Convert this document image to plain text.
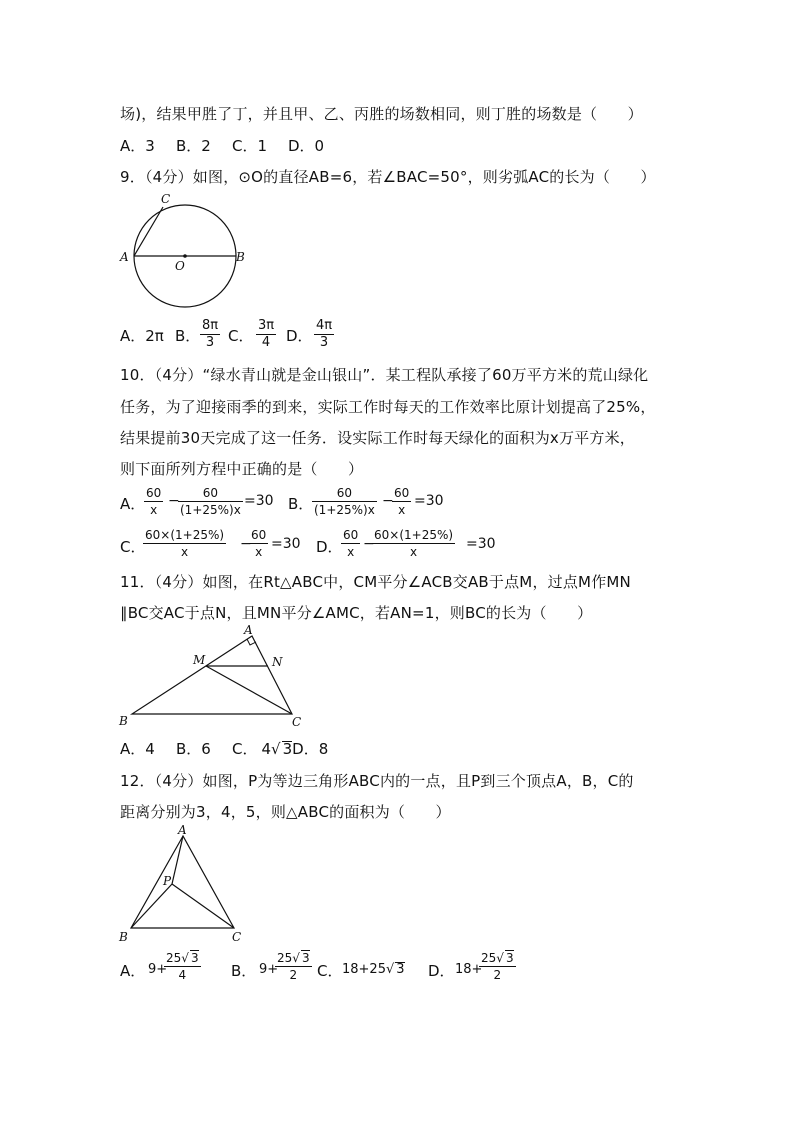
场)，结果甲胜了丁，并且甲、乙、丙胜的场数相同，则丁胜的场数是（　　）
A．3 B．2 C．1 D．0
9．（4分）如图，⊙O的直径AB=6，若∠BAC=50°，则劣弧AC的长为（　　）
C
A
O
B
A．2π B． $\frac{8\pi}{3}$ C． $\frac{3\pi}{4}$ D． $\frac{4\pi}{3}$
10．（4分）“绿水青山就是金山银山”．某工程队承接了60万平方米的荒山绿化
任务，为了迎接雨季的到来，实际工作时每天的工作效率比原计划提高了25%，
结果提前30天完成了这一任务．设实际工作时每天绿化的面积为x万平方米，
则下面所列方程中正确的是（　　）
A．
$\frac{60}{x}$ −
$\frac{60}{(1+25\%)x} =30$ B．
$\frac{60}{(1+25\%)x}$ −
$\frac{60}{x} =30$
C．
$\frac{60\times(1+25\%)}{x}$ −
$\frac{60}{x} =30$ D．
$\frac{60}{x}$ −
$\frac{60\times(1+25\%)}{x} =30$
11．（4分）如图，在Rt△ABC中，CM平分∠ACB交AB于点M，过点M作MN
∥BC交AC于点N，且MN平分∠AMC，若AN=1，则BC的长为（　　）
A
M	N
B	C
A．4 B．6 C． 4√ 3D．8
12．（4分）如图，P为等边三角形ABC内的一点，且P到三个顶点A，B，C的
距离分别为3，4，5，则△ABC的面积为（　　）
A
P
B	C
A． 9+
$\frac{25√ 3}{4}$ B． 9+
$\frac{25√ 3}{2}$ C． 18+25√ 3 D． 18+
$\frac{25√ 3}{2}$
